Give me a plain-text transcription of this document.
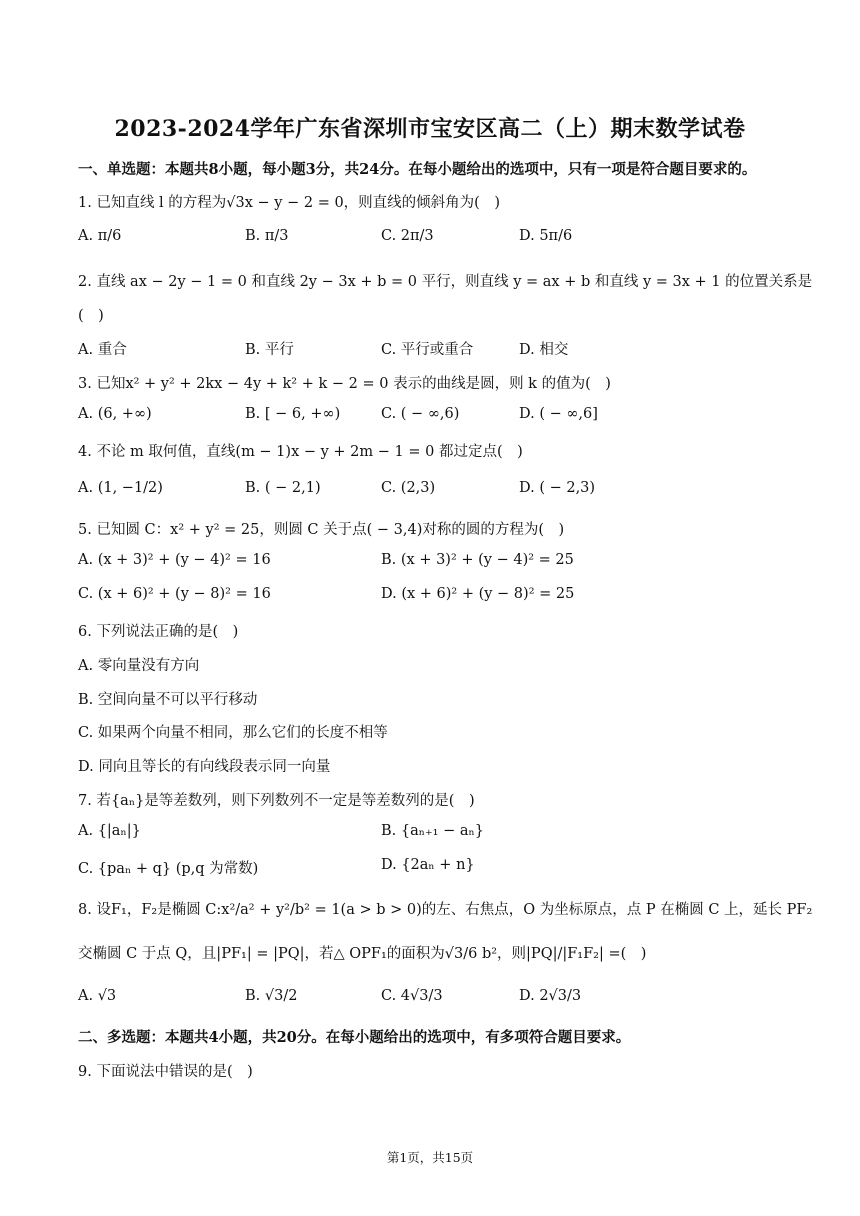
2023-2024学年广东省深圳市宝安区高二（上）期末数学试卷
一、单选题：本题共8小题，每小题3分，共24分。在每小题给出的选项中，只有一项是符合题目要求的。
1. 已知直线 l 的方程为√3x − y − 2 = 0，则直线的倾斜角为(　)
A. π/6	B. π/3	C. 2π/3	D. 5π/6
2. 直线 ax − 2y − 1 = 0 和直线 2y − 3x + b = 0 平行，则直线 y = ax + b 和直线 y = 3x + 1 的位置关系是
(　)
A. 重合	B. 平行	C. 平行或重合	D. 相交
3. 已知x² + y² + 2kx − 4y + k² + k − 2 = 0 表示的曲线是圆，则 k 的值为(　)
A. (6, +∞)	B. [ − 6, +∞)	C. ( − ∞,6)	D. ( − ∞,6]
4. 不论 m 取何值，直线(m − 1)x − y + 2m − 1 = 0 都过定点(　)
A. (1, −1/2)	B. ( − 2,1)	C. (2,3)	D. ( − 2,3)
5. 已知圆 C：x² + y² = 25，则圆 C 关于点( − 3,4)对称的圆的方程为(　)
A. (x + 3)² + (y − 4)² = 16	B. (x + 3)² + (y − 4)² = 25
C. (x + 6)² + (y − 8)² = 16	D. (x + 6)² + (y − 8)² = 25
6. 下列说法正确的是(　)
A. 零向量没有方向
B. 空间向量不可以平行移动
C. 如果两个向量不相同，那么它们的长度不相等
D. 同向且等长的有向线段表示同一向量
7. 若{aₙ}是等差数列，则下列数列不一定是等差数列的是(　)
A. {|aₙ|}	B. {aₙ₊₁ − aₙ}
C. {paₙ + q} (p,q 为常数)	D. {2aₙ + n}
8. 设F₁，F₂是椭圆 C:x²/a² + y²/b² = 1(a > b > 0)的左、右焦点，O 为坐标原点，点 P 在椭圆 C 上，延长 PF₂
交椭圆 C 于点 Q，且|PF₁| = |PQ|，若△ OPF₁的面积为√3/6 b²，则|PQ|/|F₁F₂| =(　)
A. √3	B. √3/2	C. 4√3/3	D. 2√3/3
二、多选题：本题共4小题，共20分。在每小题给出的选项中，有多项符合题目要求。
9. 下面说法中错误的是(　)
第1页，共15页
